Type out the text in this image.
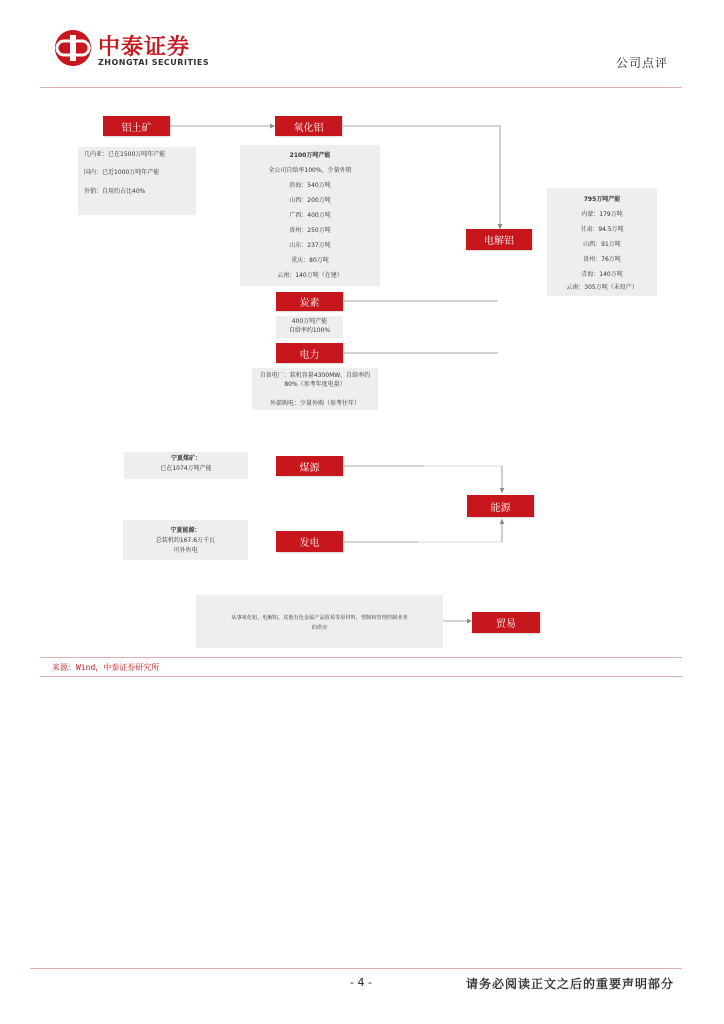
中泰证券
ZHONGTAI SECURITIES	公司点评
铝土矿
几内亚：已在1500万吨年产能
国内：已近1000万吨年产能
外销：自用约占比40%
氧化铝
2100万吨产能
全公司自给率100%，少量外销
滨海：540万吨
山西：200万吨
广西：400万吨
贵州：250万吨
山东：237万吨
重庆：80万吨
云南：140万吨（在建）
795万吨产能
内蒙：179万吨
甘肃：94.5万吨
山西：91万吨
贵州：76万吨
青海：140万吨
云南：305万吨（未投产）
电解铝
炭素
400万吨产能
自给率约100%
电力
自备电厂：装机容量4300MW，自给率约
80%（参考年度电量）
外部购电：少量外购（参考往年）
宁夏煤矿：
已在1074万吨产能	煤源
能源
宁夏能源：
总装机约167.6万千瓦
可外售电
发电
从事氧化铝、电解铝、其他有色金属产品贸易等原材料，塑制和管理控制业务
的供应	贸易
来源：Wind，中泰证券研究所
- 4 -	请务必阅读正文之后的重要声明部分
